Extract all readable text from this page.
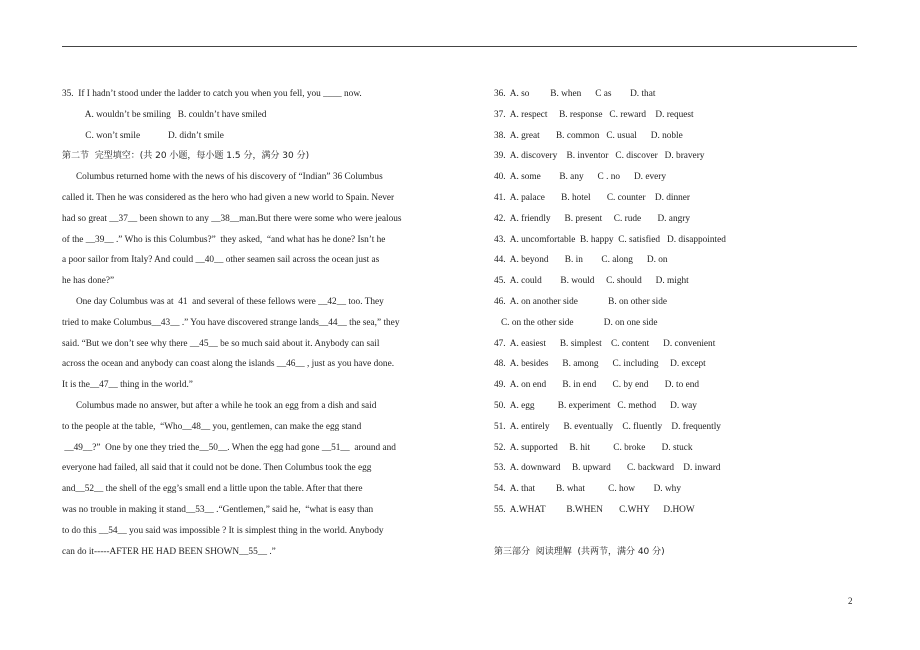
35.  If I hadn’t stood under the ladder to catch you when you fell, you ____ now.
A. wouldn’t be smiling   B. couldn’t have smiled
C. won’t smile            D. didn’t smile
第二节  完型填空：(共 20 小题，每小题 1.5 分，满分 30 分)
Columbus returned home with the news of his discovery of “Indian” 36 Columbus
called it. Then he was considered as the hero who had given a new world to Spain. Never
had so great __37__ been shown to any __38__man.But there were some who were jealous
of the __39__ .” Who is this Columbus?”  they asked,  “and what has he done? Isn’t he
a poor sailor from Italy? And could __40__ other seamen sail across the ocean just as
he has done?”
One day Columbus was at  41  and several of these fellows were __42__ too. They
tried to make Columbus__43__ .” You have discovered strange lands__44__ the sea,” they
said. “But we don’t see why there __45__ be so much said about it. Anybody can sail
across the ocean and anybody can coast along the islands __46__ , just as you have done.
It is the__47__ thing in the world.”
Columbus made no answer, but after a while he took an egg from a dish and said
to the people at the table,  “Who__48__ you, gentlemen, can make the egg stand
__49__?”  One by one they tried the__50__. When the egg had gone __51__  around and
everyone had failed, all said that it could not be done. Then Columbus took the egg
and__52__ the shell of the egg’s small end a little upon the table. After that there
was no trouble in making it stand__53__ .“Gentlemen,” said he,  “what is easy than
to do this __54__ you said was impossible ? It is simplest thing in the world. Anybody
can do it-----AFTER HE HAD BEEN SHOWN__55__ .”
36.  A. so         B. when      C as        D. that
37.  A. respect     B. response   C. reward    D. request
38.  A. great       B. common   C. usual      D. noble
39.  A. discovery    B. inventor   C. discover   D. bravery
40.  A. some        B. any      C . no      D. every
41.  A. palace       B. hotel       C. counter    D. dinner
42.  A. friendly      B. present     C. rude       D. angry
43.  A. uncomfortable  B. happy  C. satisfied   D. disappointed
44.  A. beyond       B. in        C. along      D. on
45.  A. could        B. would     C. should      D. might
46.  A. on another side             B. on other side
C. on the other side             D. on one side
47.  A. easiest      B. simplest    C. content      D. convenient
48.  A. besides      B. among      C. including     D. except
49.  A. on end       B. in end       C. by end       D. to end
50.  A. egg          B. experiment   C. method      D. way
51.  A. entirely      B. eventually    C. fluently    D. frequently
52.  A. supported     B. hit          C. broke       D. stuck
53.  A. downward     B. upward       C. backward    D. inward
54.  A. that         B. what          C. how        D. why
55.  A.WHAT         B.WHEN       C.WHY      D.HOW
第三部分  阅读理解  (共两节，满分 40 分)
2
